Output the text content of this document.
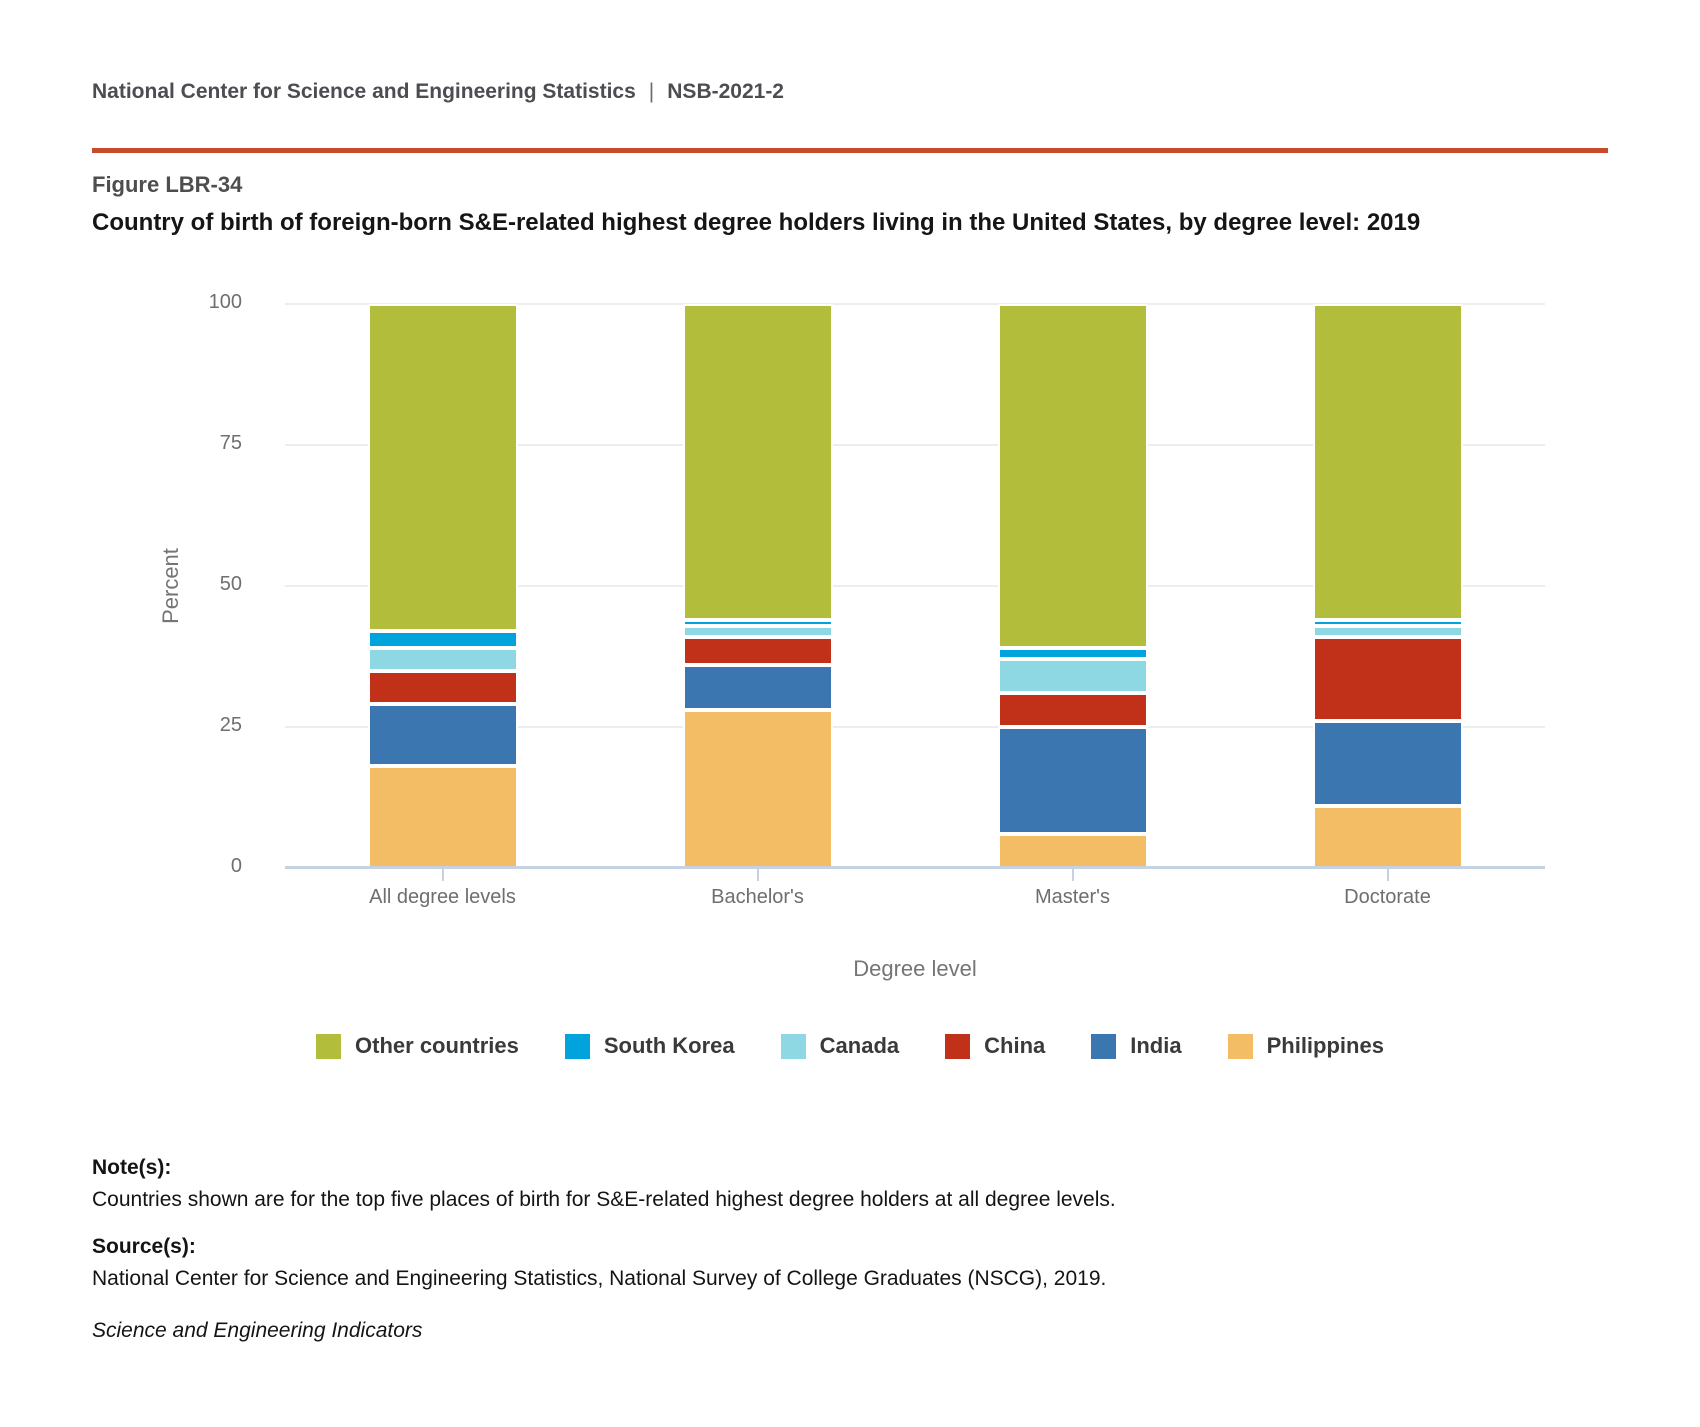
National Center for Science and Engineering Statistics | NSB-2021-2
Figure LBR-34
Country of birth of foreign-born S&E-related highest degree holders living in the United States, by degree level: 2019
Percent
Degree level
0
25
50
75
100
All degree levels	Bachelor's	Master's	Doctorate
Other countries	South Korea	Canada	China	India	Philippines
Note(s):
Countries shown are for the top five places of birth for S&E-related highest degree holders at all degree levels.
Source(s):
National Center for Science and Engineering Statistics, National Survey of College Graduates (NSCG), 2019.
Science and Engineering Indicators
